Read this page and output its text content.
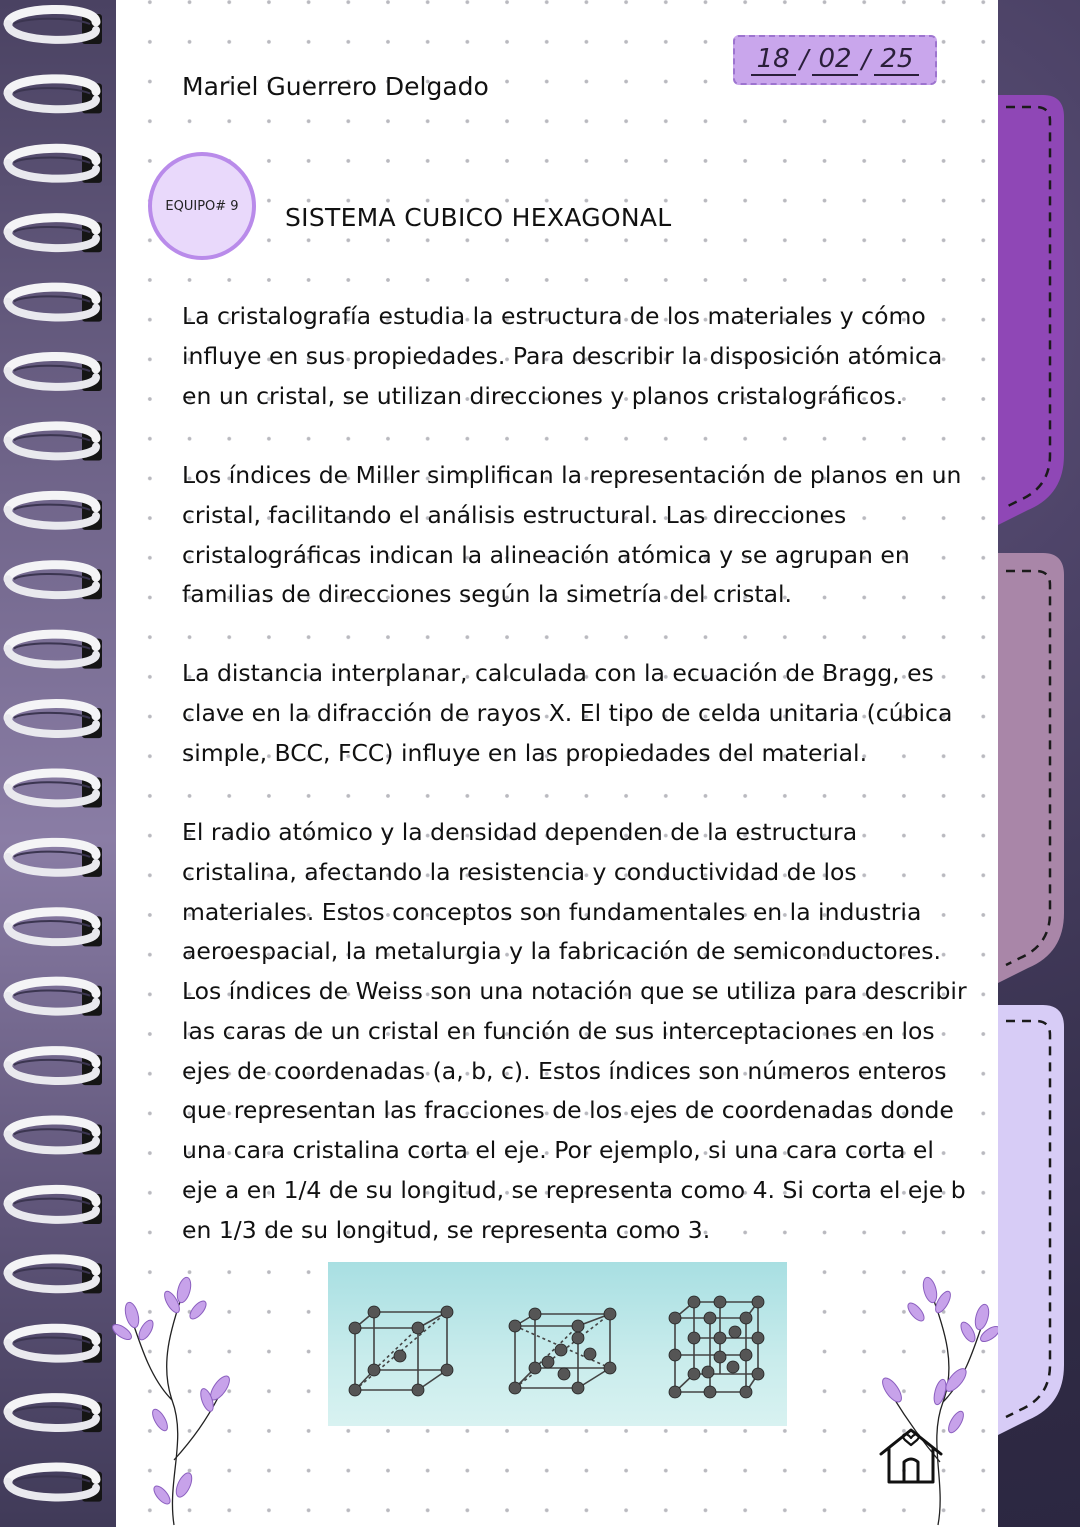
18 / 02 / 25
Mariel Guerrero Delgado
EQUIPO# 9 SISTEMA CUBICO HEXAGONAL

La cristalografía estudia la estructura de los materiales y cómo influye en sus propiedades. Para describir la disposición atómica en un cristal, se utilizan direcciones y planos cristalográficos.

Los índices de Miller simplifican la representación de planos en un cristal, facilitando el análisis estructural. Las direcciones cristalográficas indican la alineación atómica y se agrupan en familias de direcciones según la simetría del cristal.

La distancia interplanar, calculada con la ecuación de Bragg, es clave en la difracción de rayos X. El tipo de celda unitaria (cúbica simple, BCC, FCC) influye en las propiedades del material.

El radio atómico y la densidad dependen de la estructura cristalina, afectando la resistencia y conductividad de los materiales. Estos conceptos son fundamentales en la industria aeroespacial, la metalurgia y la fabricación de semiconductores.

Los índices de Weiss son una notación que se utiliza para describir las caras de un cristal en función de sus interceptaciones en los ejes de coordenadas (a, b, c). Estos índices son números enteros que representan las fracciones de los ejes de coordenadas donde una cara cristalina corta el eje. Por ejemplo, si una cara corta el eje a en 1/4 de su longitud, se representa como 4. Si corta el eje b en 1/3 de su longitud, se representa como 3.
